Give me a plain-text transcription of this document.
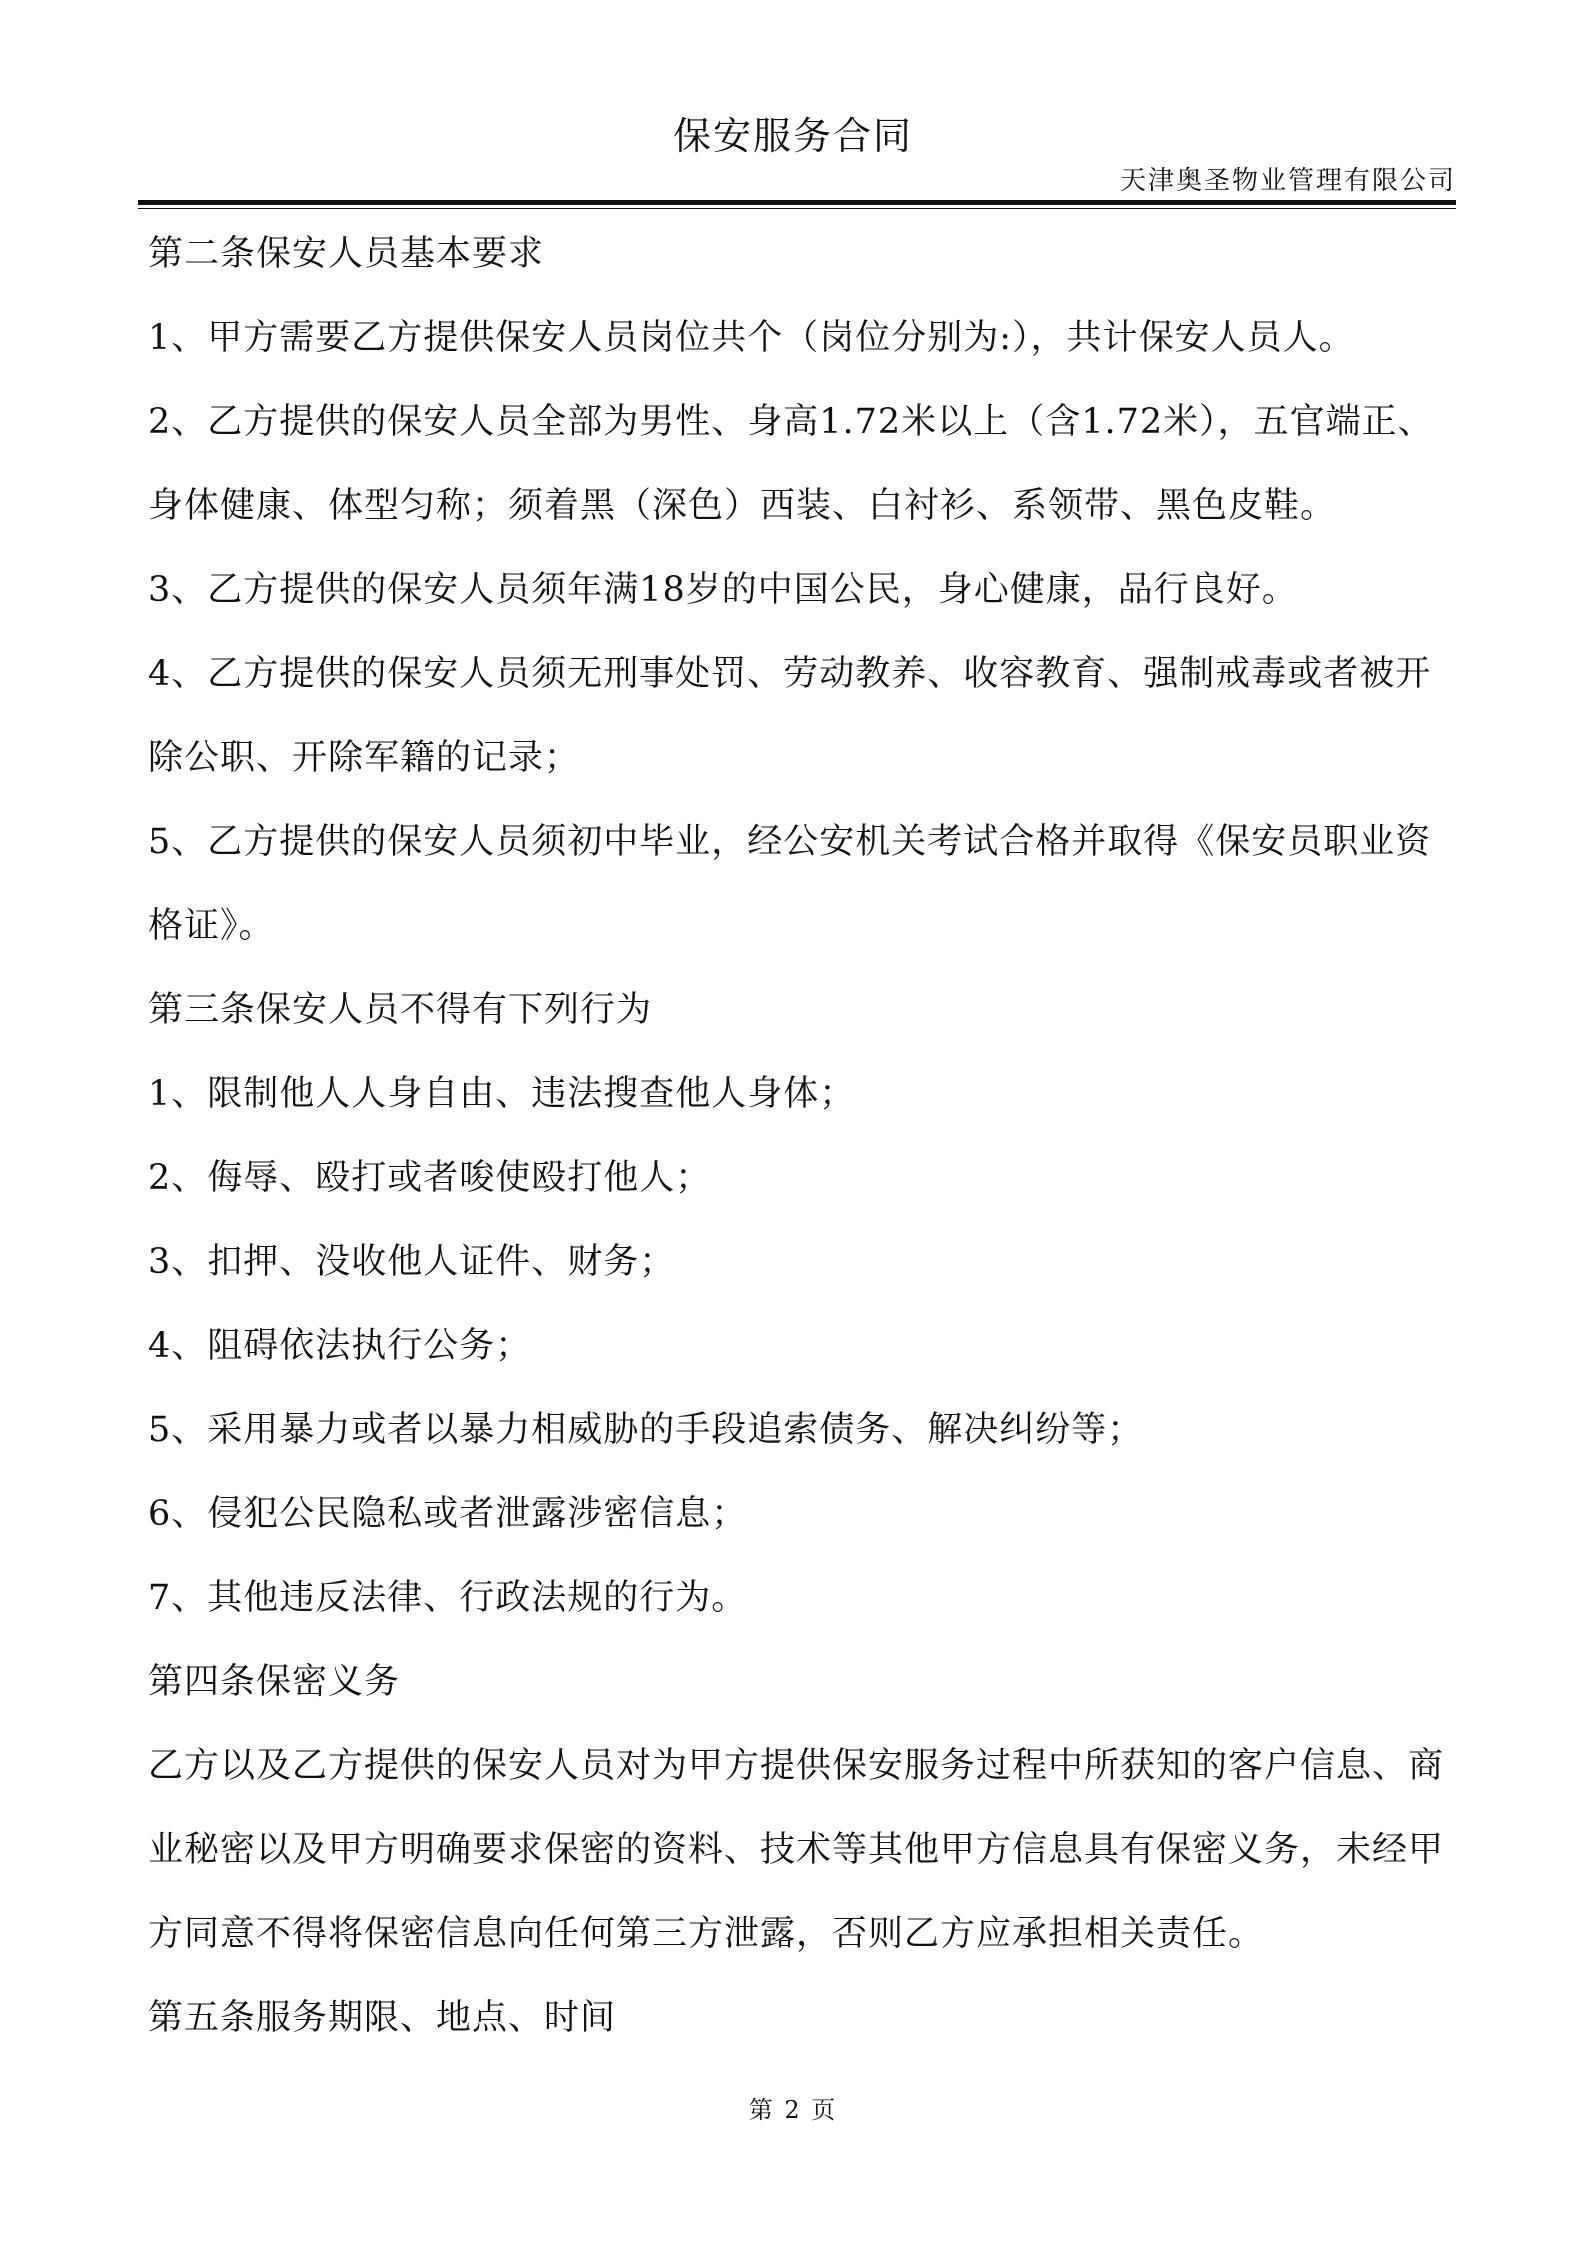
保安服务合同
天津奥圣物业管理有限公司

第二条保安人员基本要求

1、甲方需要乙方提供保安人员岗位共个（岗位分别为:），共计保安人员人。

2、乙方提供的保安人员全部为男性、身高1.72米以上（含1.72米），五官端正、身体健康、体型匀称；须着黑（深色）西装、白衬衫、系领带、黑色皮鞋。

3、乙方提供的保安人员须年满18岁的中国公民，身心健康，品行良好。

4、乙方提供的保安人员须无刑事处罚、劳动教养、收容教育、强制戒毒或者被开除公职、开除军籍的记录；

5、乙方提供的保安人员须初中毕业，经公安机关考试合格并取得《保安员职业资格证》。

第三条保安人员不得有下列行为

1、限制他人人身自由、违法搜查他人身体；

2、侮辱、殴打或者唆使殴打他人；

3、扣押、没收他人证件、财务；

4、阻碍依法执行公务；

5、采用暴力或者以暴力相威胁的手段追索债务、解决纠纷等；

6、侵犯公民隐私或者泄露涉密信息；

7、其他违反法律、行政法规的行为。

第四条保密义务

乙方以及乙方提供的保安人员对为甲方提供保安服务过程中所获知的客户信息、商业秘密以及甲方明确要求保密的资料、技术等其他甲方信息具有保密义务，未经甲方同意不得将保密信息向任何第三方泄露，否则乙方应承担相关责任。

第五条服务期限、地点、时间

第 2 页
